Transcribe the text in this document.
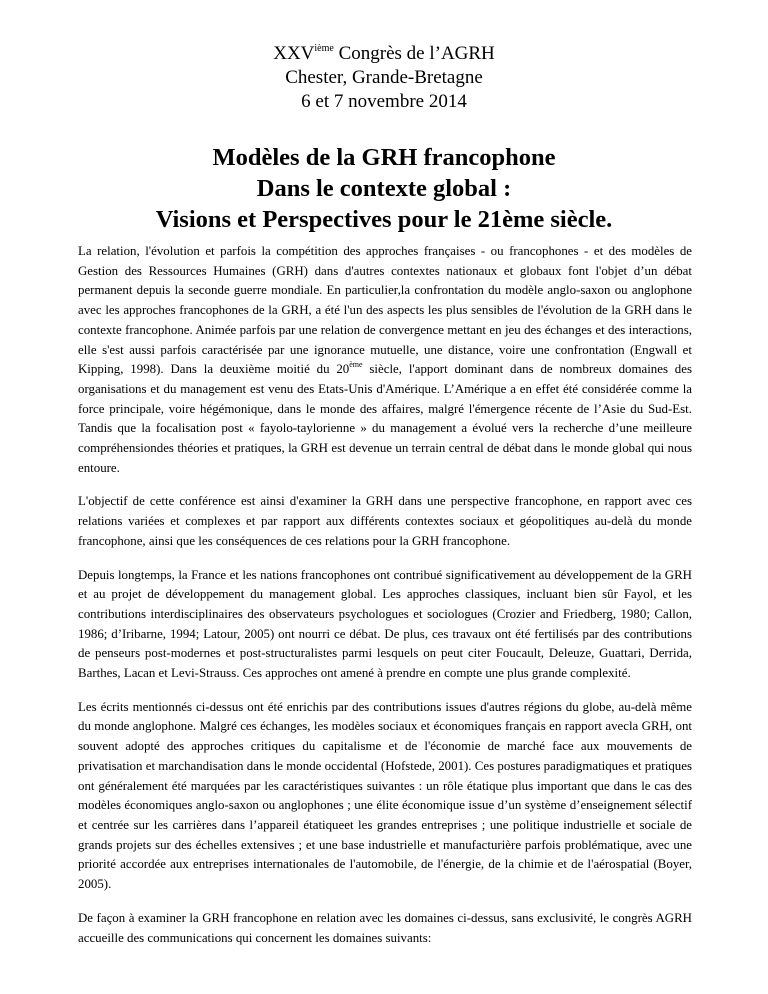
XXVième Congrès de l’AGRH
Chester, Grande-Bretagne
6 et 7 novembre 2014
Modèles de la GRH francophone
Dans le contexte global :
Visions et Perspectives pour le 21ème siècle.

La relation, l'évolution et parfois la compétition des approches françaises - ou francophones - et des modèles de Gestion des Ressources Humaines (GRH) dans d'autres contextes nationaux et globaux font l'objet d’un débat permanent depuis la seconde guerre mondiale. En particulier,la confrontation du modèle anglo-saxon ou anglophone avec les approches francophones de la GRH, a été l'un des aspects les plus sensibles de l'évolution de la GRH dans le contexte francophone. Animée parfois par une relation de convergence mettant en jeu des échanges et des interactions, elle s'est aussi parfois caractérisée par une ignorance mutuelle, une distance, voire une confrontation (Engwall et Kipping, 1998). Dans la deuxième moitié du 20ème siècle, l'apport dominant dans de nombreux domaines des organisations et du management est venu des Etats-Unis d'Amérique. L’Amérique a en effet été considérée comme la force principale, voire hégémonique, dans le monde des affaires, malgré l'émergence récente de l’Asie du Sud-Est. Tandis que la focalisation post « fayolo-taylorienne » du management a évolué vers la recherche d’une meilleure compréhensiondes théories et pratiques, la GRH est devenue un terrain central de débat dans le monde global qui nous entoure.

L'objectif de cette conférence est ainsi d'examiner la GRH dans une perspective francophone, en rapport avec ces relations variées et complexes et par rapport aux différents contextes sociaux et géopolitiques au-delà du monde francophone, ainsi que les conséquences de ces relations pour la GRH francophone.

Depuis longtemps, la France et les nations francophones ont contribué significativement au développement de la GRH et au projet de développement du management global. Les approches classiques, incluant bien sûr Fayol, et les contributions interdisciplinaires des observateurs psychologues et sociologues (Crozier and Friedberg, 1980; Callon, 1986; d’Iribarne, 1994; Latour, 2005) ont nourri ce débat. De plus, ces travaux ont été fertilisés par des contributions de penseurs post-modernes et post-structuralistes parmi lesquels on peut citer Foucault, Deleuze, Guattari, Derrida, Barthes, Lacan et Levi-Strauss. Ces approches ont amené à prendre en compte une plus grande complexité.

Les écrits mentionnés ci-dessus ont été enrichis par des contributions issues d'autres régions du globe, au-delà même du monde anglophone. Malgré ces échanges, les modèles sociaux et économiques français en rapport avecla GRH, ont souvent adopté des approches critiques du capitalisme et de l'économie de marché face aux mouvements de privatisation et marchandisation dans le monde occidental (Hofstede, 2001). Ces postures paradigmatiques et pratiques ont généralement été marquées par les caractéristiques suivantes : un rôle étatique plus important que dans le cas des modèles économiques anglo-saxon ou anglophones ; une élite économique issue d’un système d’enseignement sélectif et centrée sur les carrières dans l’appareil étatiqueet les grandes entreprises ; une politique industrielle et sociale de grands projets sur des échelles extensives ; et une base industrielle et manufacturière parfois problématique, avec une priorité accordée aux entreprises internationales de l'automobile, de l'énergie, de la chimie et de l'aérospatial (Boyer, 2005).

De façon à examiner la GRH francophone en relation avec les domaines ci-dessus, sans exclusivité, le congrès AGRH accueille des communications qui concernent les domaines suivants:
